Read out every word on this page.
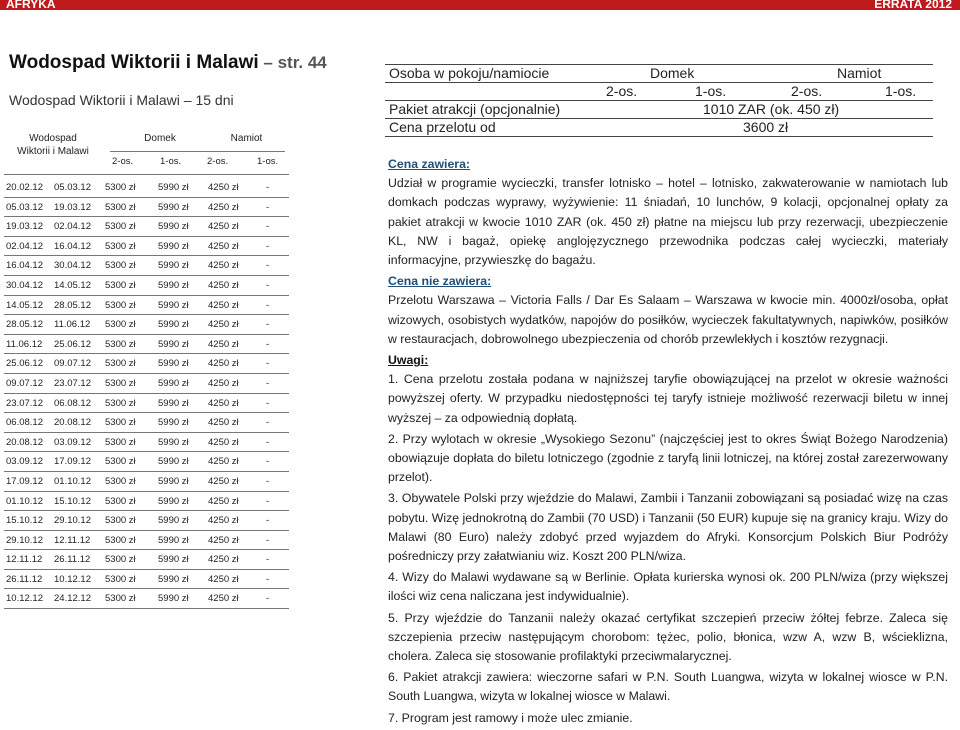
AFRYKA	ERRATA 2012
Wodospad Wiktorii i Malawi – str. 44
Wodospad Wiktorii i Malawi – 15 dni
Wodospad
Wiktorii i Malawi
Domek	Namiot
2-os.	1-os.	2-os.	1-os.
20.02.12 05.03.12 5300 zł 5990 zł 4250 zł	-
05.03.12 19.03.12 5300 zł 5990 zł 4250 zł	-
19.03.12 02.04.12 5300 zł 5990 zł 4250 zł	-
02.04.12 16.04.12 5300 zł 5990 zł 4250 zł	-
16.04.12 30.04.12 5300 zł 5990 zł 4250 zł	-
30.04.12 14.05.12 5300 zł 5990 zł 4250 zł	-
14.05.12 28.05.12 5300 zł 5990 zł 4250 zł	-
28.05.12 11.06.12 5300 zł 5990 zł 4250 zł	-
11.06.12 25.06.12 5300 zł 5990 zł 4250 zł	-
25.06.12 09.07.12 5300 zł 5990 zł 4250 zł	-
09.07.12 23.07.12 5300 zł 5990 zł 4250 zł	-
23.07.12 06.08.12 5300 zł 5990 zł 4250 zł	-
06.08.12 20.08.12 5300 zł 5990 zł 4250 zł	-
20.08.12 03.09.12 5300 zł 5990 zł 4250 zł	-
03.09.12 17.09.12 5300 zł 5990 zł 4250 zł	-
17.09.12 01.10.12 5300 zł 5990 zł 4250 zł	-
01.10.12 15.10.12 5300 zł 5990 zł 4250 zł	-
15.10.12 29.10.12 5300 zł 5990 zł 4250 zł	-
29.10.12 12.11.12 5300 zł 5990 zł 4250 zł	-
12.11.12 26.11.12 5300 zł 5990 zł 4250 zł	-
26.11.12 10.12.12 5300 zł 5990 zł 4250 zł	-
10.12.12 24.12.12 5300 zł 5990 zł 4250 zł	-
Osoba w pokoju/namiocie	Domek	Namiot
2-os.	1-os.	2-os.	1-os.
Pakiet atrakcji (opcjonalnie)	1010 ZAR (ok. 450 zł)
Cena przelotu od	3600 zł
Cena zawiera:

Udział w programie wycieczki, transfer lotnisko – hotel – lotnisko, zakwaterowanie w namiotach lub domkach podczas wyprawy, wyżywienie: 11 śniadań, 10 lunchów, 9 kolacji, opcjonalnej opłaty za pakiet atrakcji w kwocie 1010 ZAR (ok. 450 zł) płatne na miejscu lub przy rezerwacji, ubezpieczenie KL, NW i bagaż, opiekę anglojęzycznego przewodnika podczas całej wycieczki, materiały informacyjne, przywieszkę do bagażu.

Cena nie zawiera:

Przelotu Warszawa – Victoria Falls / Dar Es Salaam – Warszawa w kwocie min. 4000zł/osoba, opłat wizowych, osobistych wydatków, napojów do posiłków, wycieczek fakultatywnych, napiwków, posiłków w restauracjach, dobrowolnego ubezpieczenia od chorób przewlekłych i kosztów rezygnacji.

Uwagi:

1. Cena przelotu została podana w najniższej taryfie obowiązującej na przelot w okresie ważności powyższej oferty. W przypadku niedostępności tej taryfy istnieje możliwość rezerwacji biletu w innej wyższej – za odpowiednią dopłatą.

2. Przy wylotach w okresie „Wysokiego Sezonu” (najczęściej jest to okres Świąt Bożego Narodzenia) obowiązuje dopłata do biletu lotniczego (zgodnie z taryfą linii lotniczej, na której został zarezerwowany przelot).

3. Obywatele Polski przy wjeździe do Malawi, Zambii i Tanzanii zobowiązani są posiadać wizę na czas pobytu. Wizę jednokrotną do Zambii (70 USD) i Tanzanii (50 EUR) kupuje się na granicy kraju. Wizy do Malawi (80 Euro) należy zdobyć przed wyjazdem do Afryki. Konsorcjum Polskich Biur Podróży pośredniczy przy załatwianiu wiz. Koszt 200 PLN/wiza.

4. Wizy do Malawi wydawane są w Berlinie. Opłata kurierska wynosi ok. 200 PLN/wiza (przy większej ilości wiz cena naliczana jest indywidualnie).

5. Przy wjeździe do Tanzanii należy okazać certyfikat szczepień przeciw żółtej febrze. Zaleca się szczepienia przeciw następującym chorobom: tężec, polio, błonica, wzw A, wzw B, wścieklizna, cholera. Zaleca się stosowanie profilaktyki przeciwmalarycznej.

6. Pakiet atrakcji zawiera: wieczorne safari w P.N. South Luangwa, wizyta w lokalnej wiosce w P.N. South Luangwa, wizyta w lokalnej wiosce w Malawi.

7. Program jest ramowy i może ulec zmianie.
